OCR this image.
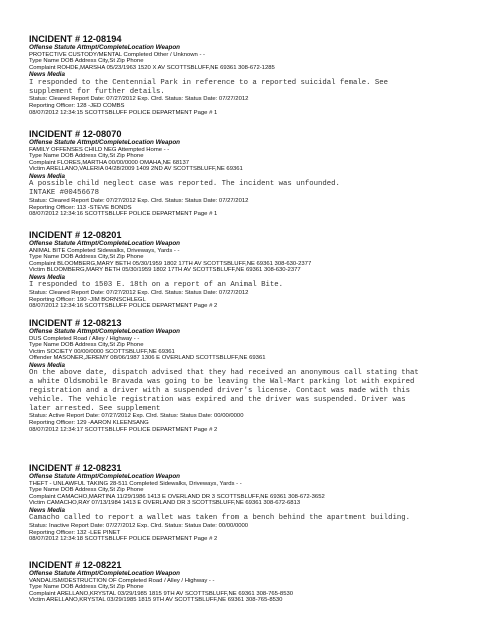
INCIDENT # 12-08194
Offense Statute Attmpt/CompleteLocation Weapon
PROTECTIVE CUSTODY/MENTAL Completed Other / Unknown - -
Type Name DOB Address City,St Zip Phone
Complaint ROHDE,MARSHA 05/23/1963 1520 X AV SCOTTSBLUFF,NE 69361 308-672-1285
News Media
I responded to the Centennial Park in reference to a reported suicidal female. See
supplement for further details.
Status: Cleared Report Date: 07/27/2012 Exp. Clrd. Status: Status Date: 07/27/2012
Reporting Officer: 128 -JED COMBS
08/07/2012 12:34:15 SCOTTSBLUFF POLICE DEPARTMENT Page # 1
INCIDENT # 12-08070
Offense Statute Attmpt/CompleteLocation Weapon
FAMILY OFFENSES CHILD NEG Attempted Home - -
Type Name DOB Address City,St Zip Phone
Complaint FLORES,MARTHA 00/00/0000 OMAHA,NE 68137
Victim ARELLANO,VALERIA 04/28/2009 1409 2ND AV SCOTTSBLUFF,NE 69361
News Media
A possible child neglect case was reported. The incident was unfounded.
INTAKE #00456678
Status: Cleared Report Date: 07/27/2012 Exp. Clrd. Status: Status Date: 07/27/2012
Reporting Officer: 113 -STEVE BONDS
08/07/2012 12:34:16 SCOTTSBLUFF POLICE DEPARTMENT Page # 1
INCIDENT # 12-08201
Offense Statute Attmpt/CompleteLocation Weapon
ANIMAL BITE Completed Sidewalks, Driveways, Yards - -
Type Name DOB Address City,St Zip Phone
Complaint BLOOMBERG,MARY BETH 05/30/1959 1802 17TH AV SCOTTSBLUFF,NE 69361 308-630-2377
Victim BLOOMBERG,MARY BETH 05/30/1959 1802 17TH AV SCOTTSBLUFF,NE 69361 308-630-2377
News Media
I responded to 1503 E. 18th on a report of an Animal Bite.
Status: Cleared Report Date: 07/27/2012 Exp. Clrd. Status: Status Date: 07/27/2012
Reporting Officer: 190 -JIM BORNSCHLEGL
08/07/2012 12:34:16 SCOTTSBLUFF POLICE DEPARTMENT Page # 2
INCIDENT # 12-08213
Offense Statute Attmpt/CompleteLocation Weapon
DUS Completed Road / Alley / Highway - -
Type Name DOB Address City,St Zip Phone
Victim SOCIETY 00/00/0000 SCOTTSBLUFF,NE 69361
Offender MASONER,JEREMY 08/06/1987 1306 E OVERLAND SCOTTSBLUFF,NE 69361
News Media
On the above date, dispatch advised that they had received an anonymous call stating that
a white Oldsmobile Bravada was going to be leaving the Wal-Mart parking lot with expired
registration and a driver with a suspended driver's license. Contact was made with this
vehicle. The vehicle registration was expired and the driver was suspended. Driver was
later arrested. See supplement
Status: Active Report Date: 07/27/2012 Exp. Clrd. Status: Status Date: 00/00/0000
Reporting Officer: 129 -AARON KLEENSANG
08/07/2012 12:34:17 SCOTTSBLUFF POLICE DEPARTMENT Page # 2
INCIDENT # 12-08231
Offense Statute Attmpt/CompleteLocation Weapon
THEFT - UNLAWFUL TAKING 28-511 Completed Sidewalks, Driveways, Yards - -
Type Name DOB Address City,St Zip Phone
Complaint CAMACHO,MARTINA 11/29/1986 1413 E OVERLAND DR 3 SCOTTSBLUFF,NE 69361 308-672-3652
Victim CAMACHO,RAY 07/13/1984 1413 E OVERLAND DR 3 SCOTTSBLUFF,NE 69361 308-672-6813
News Media
Camacho called to report a wallet was taken from a bench behind the apartment building.
Status: Inactive Report Date: 07/27/2012 Exp. Clrd. Status: Status Date: 00/00/0000
Reporting Officer: 132 -LEE PINET
08/07/2012 12:34:18 SCOTTSBLUFF POLICE DEPARTMENT Page # 2
INCIDENT # 12-08221
Offense Statute Attmpt/CompleteLocation Weapon
VANDALISM/DESTRUCTION OF Completed Road / Alley / Highway - -
Type Name DOB Address City,St Zip Phone
Complaint ARELLANO,KRYSTAL 03/29/1985 1815 9TH AV SCOTTSBLUFF,NE 69361 308-765-8530
Victim ARELLANO,KRYSTAL 03/29/1985 1815 9TH AV SCOTTSBLUFF,NE 69361 308-765-8530
